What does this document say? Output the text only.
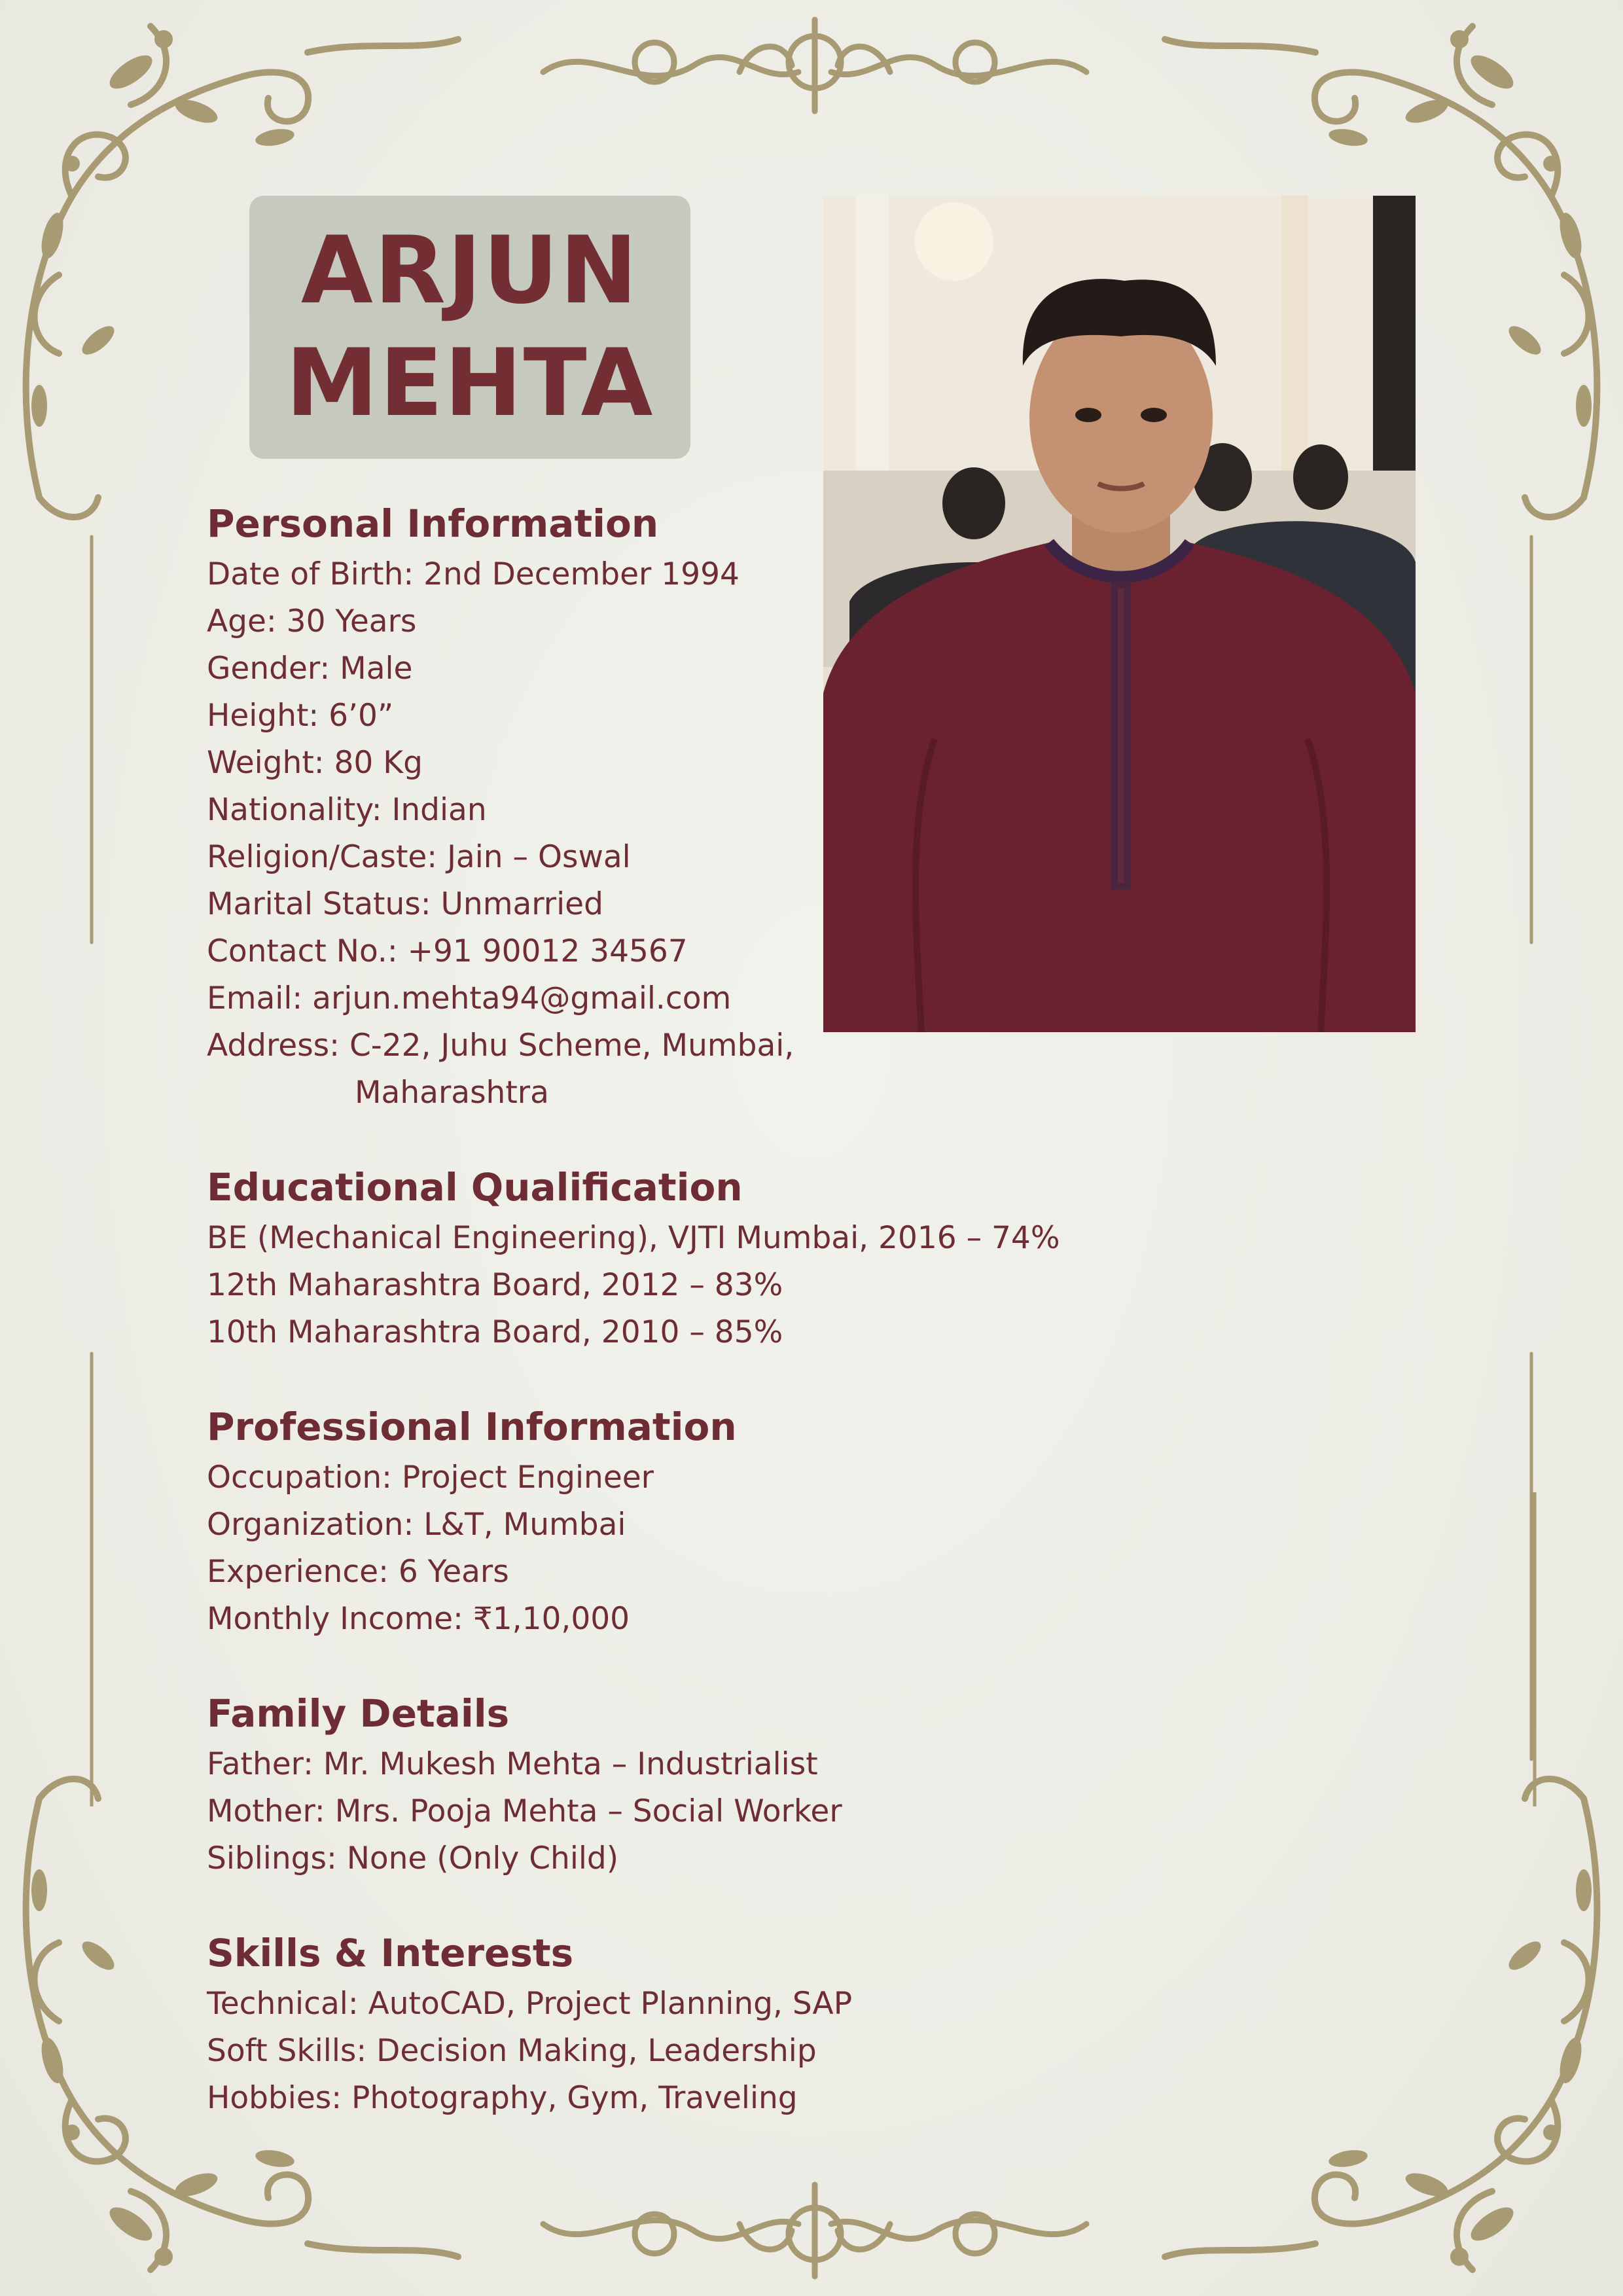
ARJUN
MEHTA
Personal Information
Date of Birth: 2nd December 1994
Age: 30 Years
Gender: Male
Height: 6’0”
Weight: 80 Kg
Nationality: Indian
Religion/Caste: Jain – Oswal
Marital Status: Unmarried
Contact No.: +91 90012 34567
Email: arjun.mehta94@gmail.com
Address: C-22, Juhu Scheme, Mumbai,
Maharashtra
Educational Qualification
BE (Mechanical Engineering), VJTI Mumbai, 2016 – 74%
12th Maharashtra Board, 2012 – 83%
10th Maharashtra Board, 2010 – 85%
Professional Information
Occupation: Project Engineer
Organization: L&T, Mumbai
Experience: 6 Years
Monthly Income: ₹1,10,000
Family Details
Father: Mr. Mukesh Mehta – Industrialist
Mother: Mrs. Pooja Mehta – Social Worker
Siblings: None (Only Child)
Skills & Interests
Technical: AutoCAD, Project Planning, SAP
Soft Skills: Decision Making, Leadership
Hobbies: Photography, Gym, Traveling
